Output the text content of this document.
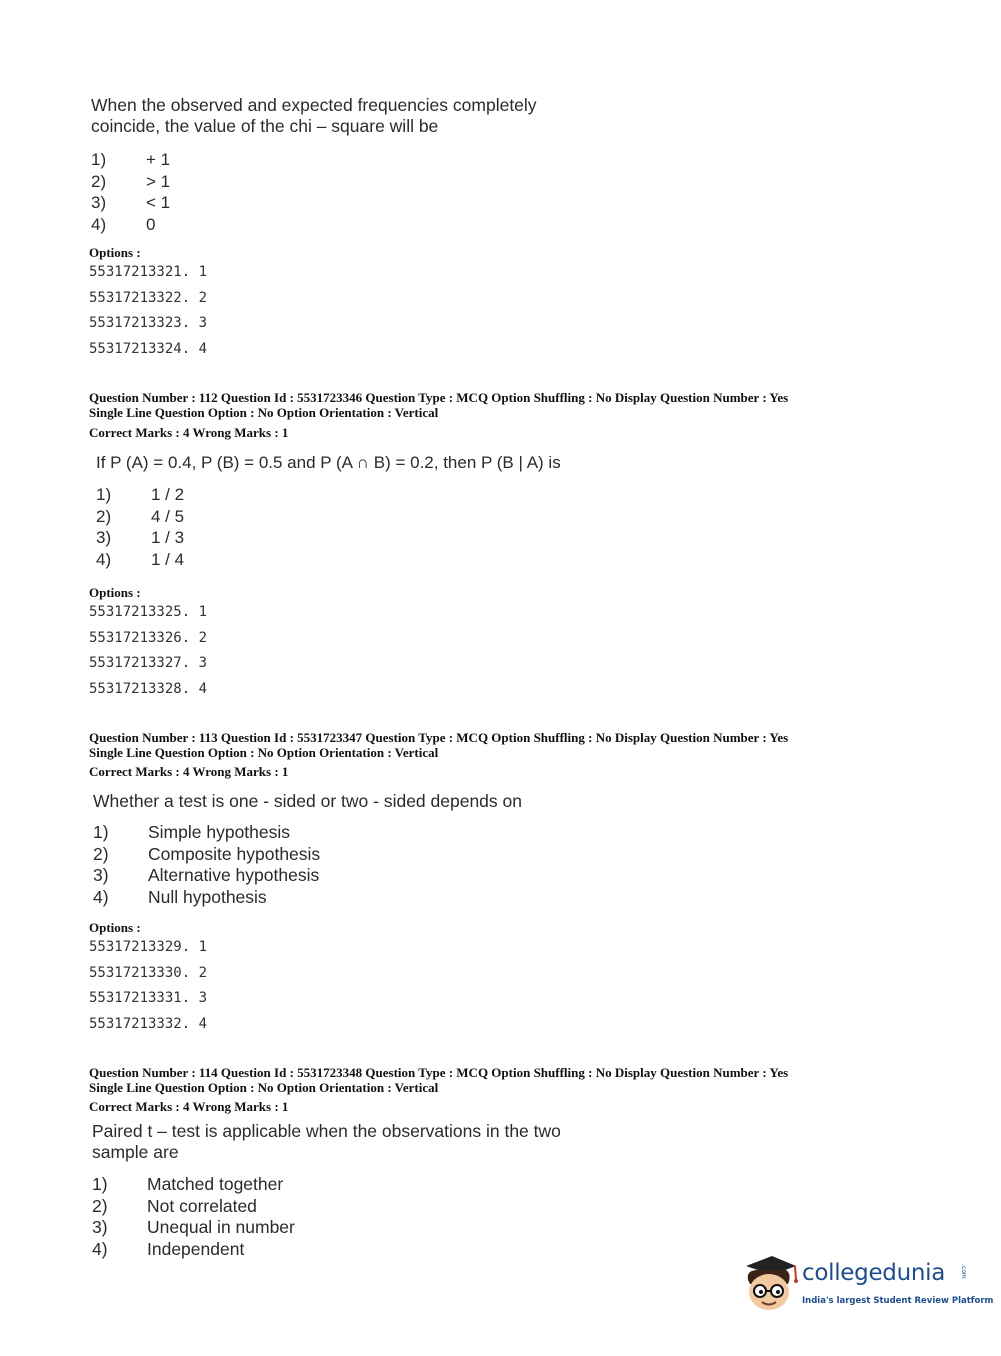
When the observed and expected frequencies completely
coincide, the value of the chi – square will be
1) + 1
2) > 1
3) < 1
4) 0
Options :
55317213321. 1
55317213322. 2
55317213323. 3
55317213324. 4
Question Number : 112 Question Id : 5531723346 Question Type : MCQ Option Shuffling : No Display Question Number : Yes
Single Line Question Option : No Option Orientation : Vertical
Correct Marks : 4 Wrong Marks : 1
If P (A) = 0.4, P (B) = 0.5 and P (A ∩ B) = 0.2, then P (B | A) is
1) 1 / 2
2) 4 / 5
3) 1 / 3
4) 1 / 4
Options :
55317213325. 1
55317213326. 2
55317213327. 3
55317213328. 4
Question Number : 113 Question Id : 5531723347 Question Type : MCQ Option Shuffling : No Display Question Number : Yes
Single Line Question Option : No Option Orientation : Vertical
Correct Marks : 4 Wrong Marks : 1
Whether a test is one - sided or two - sided depends on
1) Simple hypothesis
2) Composite hypothesis
3) Alternative hypothesis
4) Null hypothesis
Options :
55317213329. 1
55317213330. 2
55317213331. 3
55317213332. 4
Question Number : 114 Question Id : 5531723348 Question Type : MCQ Option Shuffling : No Display Question Number : Yes
Single Line Question Option : No Option Orientation : Vertical
Correct Marks : 4 Wrong Marks : 1
Paired t – test is applicable when the observations in the two
sample are
1) Matched together
2) Not correlated
3) Unequal in number
4) Independent
collegedunia .com
India's largest Student Review Platform
